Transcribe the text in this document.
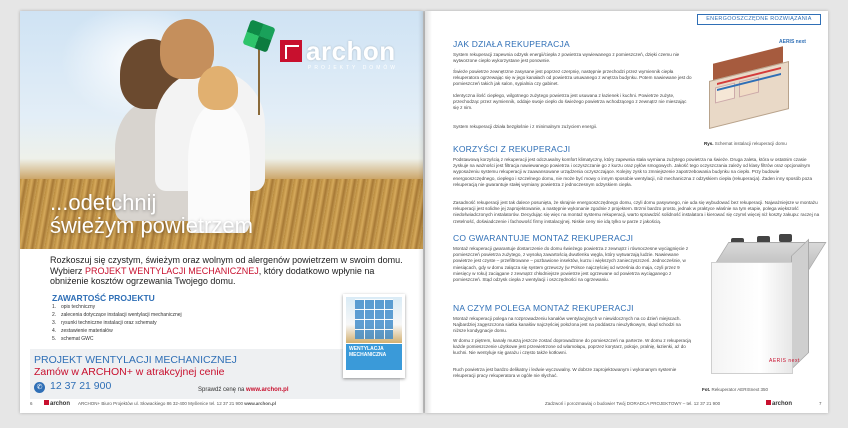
archon
PROJEKTY DOMÓW
...odetchnij
świeżym powietrzem
Rozkoszuj się czystym, świeżym oraz wolnym od alergenów powietrzem w swoim domu. Wybierz PROJEKT WENTYLACJI MECHANICZNEJ, który dodatkowo wpłynie na obniżenie kosztów ogrzewania Twojego domu.
ZAWARTOŚĆ PROJEKTU
1. opis techniczny
2. zalecenia dotyczące instalacji wentylacji mechanicznej
3. rysunki techniczne instalacji oraz schematy
4. zestawienie materiałów
5. schemat GWC
PROJEKT WENTYLACJI MECHANICZNEJ
Zamów w ARCHON+ w atrakcyjnej cenie
✆ 12 37 21 900	Sprawdź cenę na www.archon.pl
WENTYLACJA MECHANICZNA
6	archon ARCHON+ Biuro Projektów ul. Słowackiego 86 32-400 Myślenice tel. 12 37 21 900 www.archon.pl
ENERGOOSZCZĘDNE ROZWIĄZANIA
JAK DZIAŁA REKUPERACJA

System rekuperacji zapewnia odzysk energii/ciepła z powietrza wywiewanego z pomieszczeń, dzięki czemu nie wytworzone ciepło wykorzystane jest ponownie.

Świeże powietrze zewnętrzne zasysane jest poprzez czerpnię, następnie przechodzi przez wymiennik ciepła rekuperatora ogrzewając się w jego kanałach od powietrza usuwanego z wnętrza budynku. Potem nawiewane jest do pomieszczeń takich jak salon, sypialnia czy gabinet.

Identyczna ilość ciepłego, wilgotnego zużytego powietrza jest usuwana z łazienek i kuchni. Powietrze zużyte, przechodząc przez wymiennik, oddaje swoje ciepło do świeżego powietrza wchodzącego z zewnątrz nie mieszając się z nim.

System rekuperacji działa bezgłośnie i z minimalnym zużyciem energii.

AERIS next
Rys. Schemat instalacji rekuperacji domu
KORZYŚCI Z REKUPERACJI

Podstawową korzyścią z rekuperacji jest odczuwalny komfort klimatyczny, który zapewnia stała wymiana zużytego powietrza na świeże. Druga zaleta, która w ostatnim czasie zyskuje na ważności jest filtracja nawiewanego powietrza i oczyszczanie go z kurzu oraz pyłów smogowych. Jakość tego oczyszczania zależy od klasy filtrów oraz opcjonalnym wyposażeniu systemu rekuperacji w zaawansowane urządzenia oczyszczające. Kolejny zysk to zmniejszenie zapotrzebowania budynku na ciepło. Przy budowie energooszczędnego, ciepłego i szczelnego domu, nie może być mowy o innym sposobie wentylacji, niż mechaniczna z odzyskiem ciepła (rekuperacja). Żaden inny sposób poza rekuperacją nie gwarantuje stałej wymiany powietrza z jednoczesnym odzyskiem ciepła.

Zasadność rekuperacji jest tak dalece posunięta, że skrajnie energooszczędnego domu, czyli domu pasywnego, nie uda się wybudować bez rekuperacji. Najważniejsze w montażu rekuperacji jest solidne jej zaprojektowanie, a następnie wykonanie zgodnie z projektem. Brzmi bardzo prosto, jednak w praktyce właśnie na tym etapie, polega większość niedoświadczonych instalatorów. Decydując się więc na montaż systemu rekuperacji, warto sprawdzić solidność instalatora i kierować się czymś więcej niż koszty zakupu: raczej na rzetelność, doświadczenie i fachowość firmy instalacyjnej. Niskie ceny nie idą tylko w parze z jakością.

CO GWARANTUJE MONTAŻ REKUPERACJI

Montaż rekuperacji gwarantuje dostarczenie do domu świeżego powietrza z zewnątrz i równoczesne wyciągnięcie z pomieszczeń powietrza zużytego, z wysoką zawartością dwutlenku węgla, który wytwarzają ludzie. Nawiewane powietrze jest czyste – przefiltrowane – pozbawione insektów, kurzu i większych zanieczyszczeń. Jednocześnie, w miesiącach, gdy w domu załącza się system grzewczy (w Polsce najczęściej od września do maja, czyli przez 9 miesięcy w roku) zaciągane z zewnątrz chłodniejsze powietrze jest ogrzewane od powietrza wyciąganego z pomieszczeń. Stąd odzysk ciepła z wentylacji i oszczędności na ogrzewaniu.

NA CZYM POLEGA MONTAŻ REKUPERACJI

Montaż rekuperacji polega na rozprowadzeniu kanałów wentylacyjnych w niewidocznych na co dzień miejscach. Najbardziej zagęszczona siatka kanałów najczęściej położona jest na poddaszu nieużytkowym, skąd schodzi na niższe kondygnacje domu.

W domu z piętrem, kanały muszą jeszcze zostać doprowadzone do pomieszczeń na parterze. W domu z rekuperacją każde pomieszczenie użytkowe jest przewietrzone od wlamołapu, poprzez korytarz, pokoje, pralnię, łazienki, aż do kuchni. Nie wentyluje się garażu i często także kotłowni.

Ruch powietrza jest bardzo delikatny i ledwie wyczuwalny. W dobrze zaprojektowanym i wykonanym systemie rekuperacji pracy rekuperatora w ogóle nie słychać.

AERIS next
Fot. Rekuperator AERISnext 350
Zadzwoń i porozmawiaj o budowie! Twój DORADCA PROJEKTOWY – tel. 12 37 21 900	archon	7
